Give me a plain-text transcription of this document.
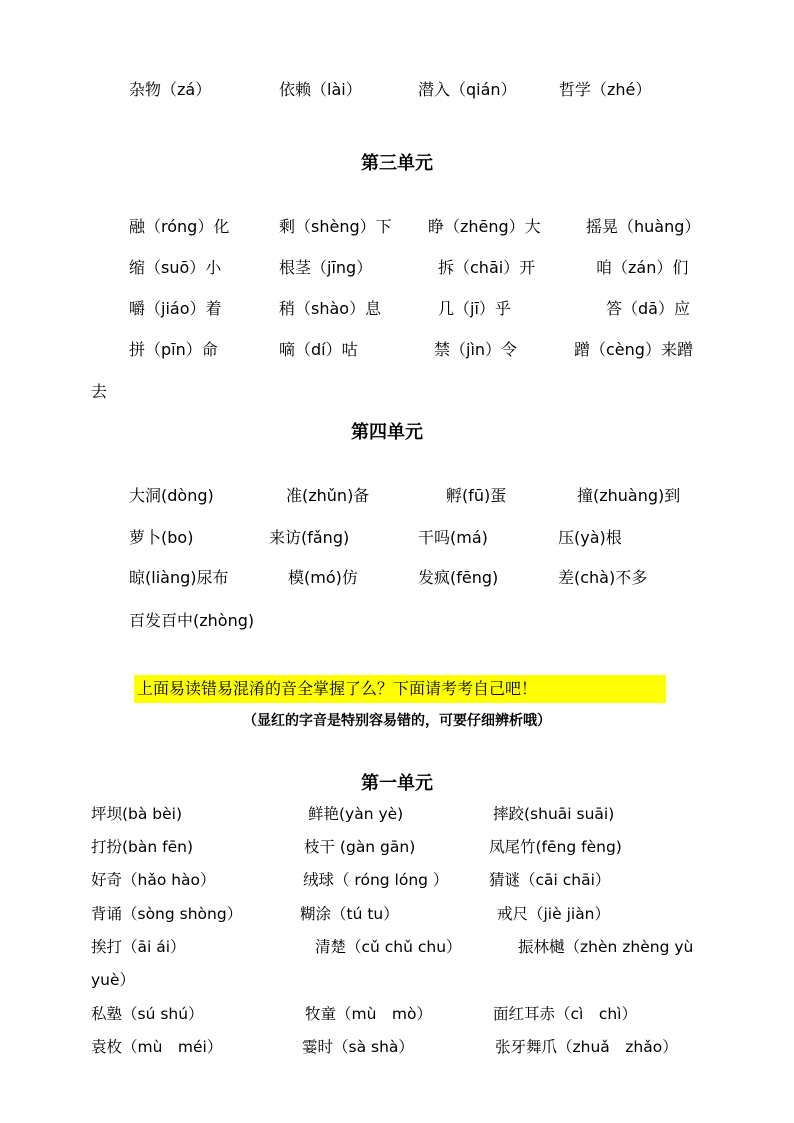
杂物（zá）	依赖（lài）	潜入（qián）	哲学（zhé）
第三单元
融（róng）化	剩（shèng）下 睁（zhēng）大	摇晃（huàng）
缩（suō）小	根茎（jīng）	拆（chāi）开	咱（zán）们
嚼（jiáo）着	稍（shào）息	几（jī）乎	答（dā）应
拼（pīn）命	嘀（dí）咕	禁（jìn）令	蹭（cèng）来蹭
去
第四单元
大洞(dòng)	准(zhǔn)备	孵(fū)蛋	撞(zhuàng)到
萝卜(bo)	来访(fǎng)	干吗(má)	压(yà)根
晾(liàng)尿布	模(mó)仿	发疯(fēng)	差(chà)不多
百发百中(zhòng)
上面易读错易混淆的音全掌握了么？下面请考考自己吧！
（显红的字音是特别容易错的，可要仔细辨析哦）
第一单元
坪坝(bà bèi)	鲜艳(yàn yè)	摔跤(shuāi suāi)
打扮(bàn fēn)	枝干 (gàn gān)	凤尾竹(fēng fèng)
好奇（hǎo hào）	绒球（ róng lóng ）	猜谜（cāi chāi）
背诵（sòng shòng）	糊涂（tú tu）	戒尺（jiè jiàn）
挨打（āi ái）	清楚（cǔ chǔ chu）	振林樾（zhèn zhèng yù
yuè）
私塾（sú shú）	牧童（mù　mò）	面红耳赤（cì　chì）
袁枚（mù　méi）	霎时（sà shà）	张牙舞爪（zhuǎ　zhǎo）
